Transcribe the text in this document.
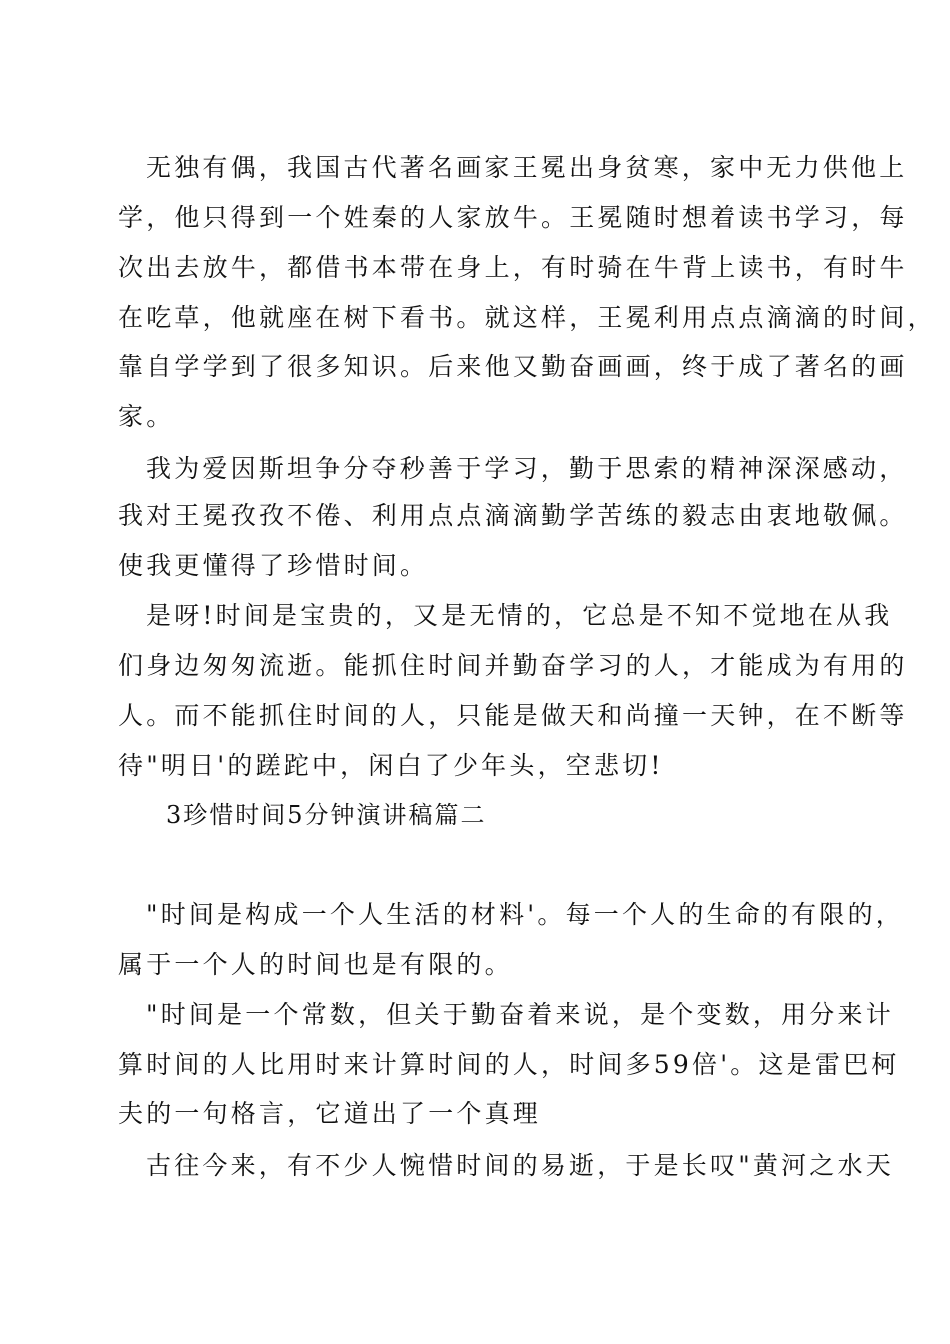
无独有偶，我国古代著名画家王冕出身贫寒，家中无力供他上
学，他只得到一个姓秦的人家放牛。王冕随时想着读书学习，每
次出去放牛，都借书本带在身上，有时骑在牛背上读书，有时牛
在吃草，他就座在树下看书。就这样，王冕利用点点滴滴的时间，
靠自学学到了很多知识。后来他又勤奋画画，终于成了著名的画
家。
我为爱因斯坦争分夺秒善于学习，勤于思索的精神深深感动，
我对王冕孜孜不倦、利用点点滴滴勤学苦练的毅志由衷地敬佩。
使我更懂得了珍惜时间。
是呀!时间是宝贵的，又是无情的，它总是不知不觉地在从我
们身边匆匆流逝。能抓住时间并勤奋学习的人，才能成为有用的
人。而不能抓住时间的人，只能是做天和尚撞一天钟，在不断等
待"明日'的蹉跎中，闲白了少年头，空悲切!
3珍惜时间5分钟演讲稿篇二
"时间是构成一个人生活的材料'。每一个人的生命的有限的，
属于一个人的时间也是有限的。
"时间是一个常数，但关于勤奋着来说，是个变数，用分来计
算时间的人比用时来计算时间的人，时间多59倍'。这是雷巴柯
夫的一句格言，它道出了一个真理
古往今来，有不少人惋惜时间的易逝，于是长叹"黄河之水天
